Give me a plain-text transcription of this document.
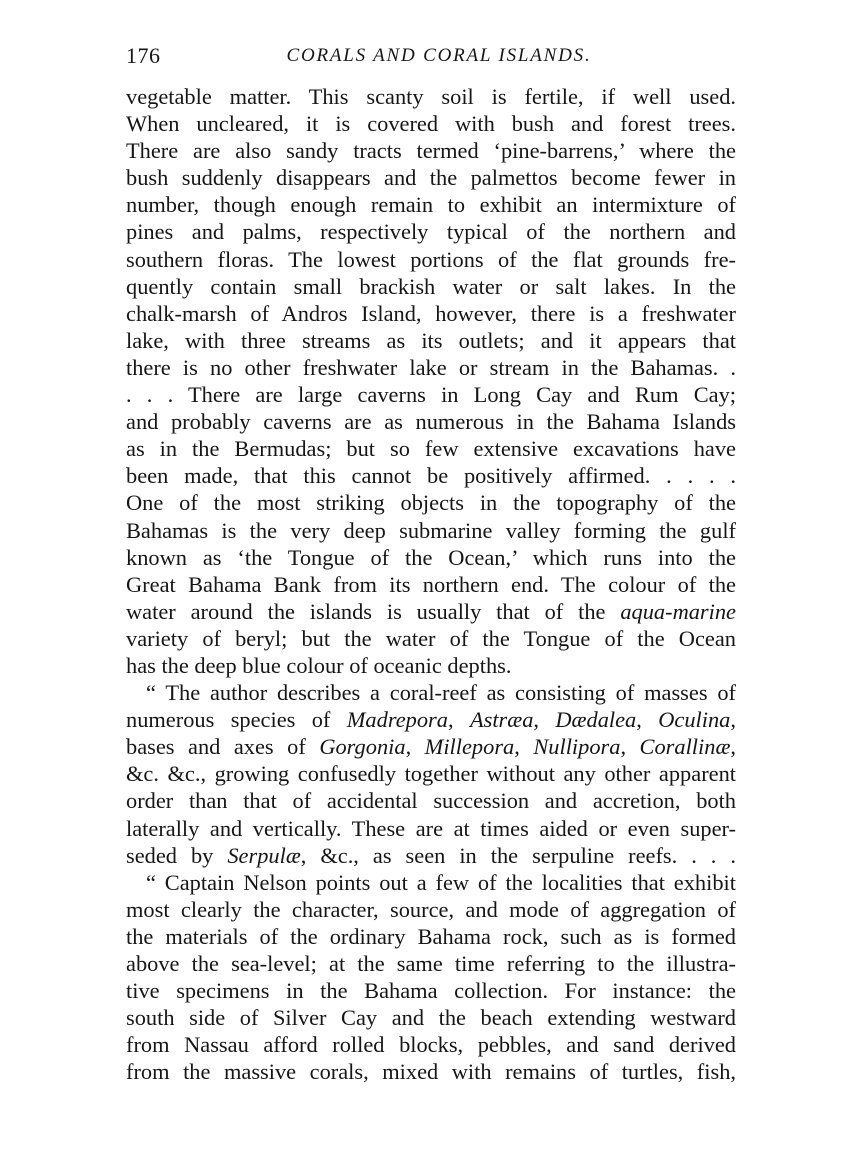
176	CORALS AND CORAL ISLANDS.
vegetable matter. This scanty soil is fertile, if well used.
When uncleared, it is covered with bush and forest trees.
There are also sandy tracts termed ‘pine-barrens,’ where the
bush suddenly disappears and the palmettos become fewer in
number, though enough remain to exhibit an intermixture of
pines and palms, respectively typical of the northern and
southern floras. The lowest portions of the flat grounds fre-
quently contain small brackish water or salt lakes. In the
chalk-marsh of Andros Island, however, there is a freshwater
lake, with three streams as its outlets; and it appears that
there is no other freshwater lake or stream in the Bahamas. .
. . . There are large caverns in Long Cay and Rum Cay;
and probably caverns are as numerous in the Bahama Islands
as in the Bermudas; but so few extensive excavations have
been made, that this cannot be positively affirmed. . . . .
One of the most striking objects in the topography of the
Bahamas is the very deep submarine valley forming the gulf
known as ‘the Tongue of the Ocean,’ which runs into the
Great Bahama Bank from its northern end. The colour of the
water around the islands is usually that of the aqua-marine
variety of beryl; but the water of the Tongue of the Ocean
has the deep blue colour of oceanic depths.
“ The author describes a coral-reef as consisting of masses of
numerous species of Madrepora, Astræa, Dædalea, Oculina,
bases and axes of Gorgonia, Millepora, Nullipora, Corallinæ,
&c. &c., growing confusedly together without any other apparent
order than that of accidental succession and accretion, both
laterally and vertically. These are at times aided or even super-
seded by Serpulæ, &c., as seen in the serpuline reefs. . . .
“ Captain Nelson points out a few of the localities that exhibit
most clearly the character, source, and mode of aggregation of
the materials of the ordinary Bahama rock, such as is formed
above the sea-level; at the same time referring to the illustra-
tive specimens in the Bahama collection. For instance: the
south side of Silver Cay and the beach extending westward
from Nassau afford rolled blocks, pebbles, and sand derived
from the massive corals, mixed with remains of turtles, fish,
